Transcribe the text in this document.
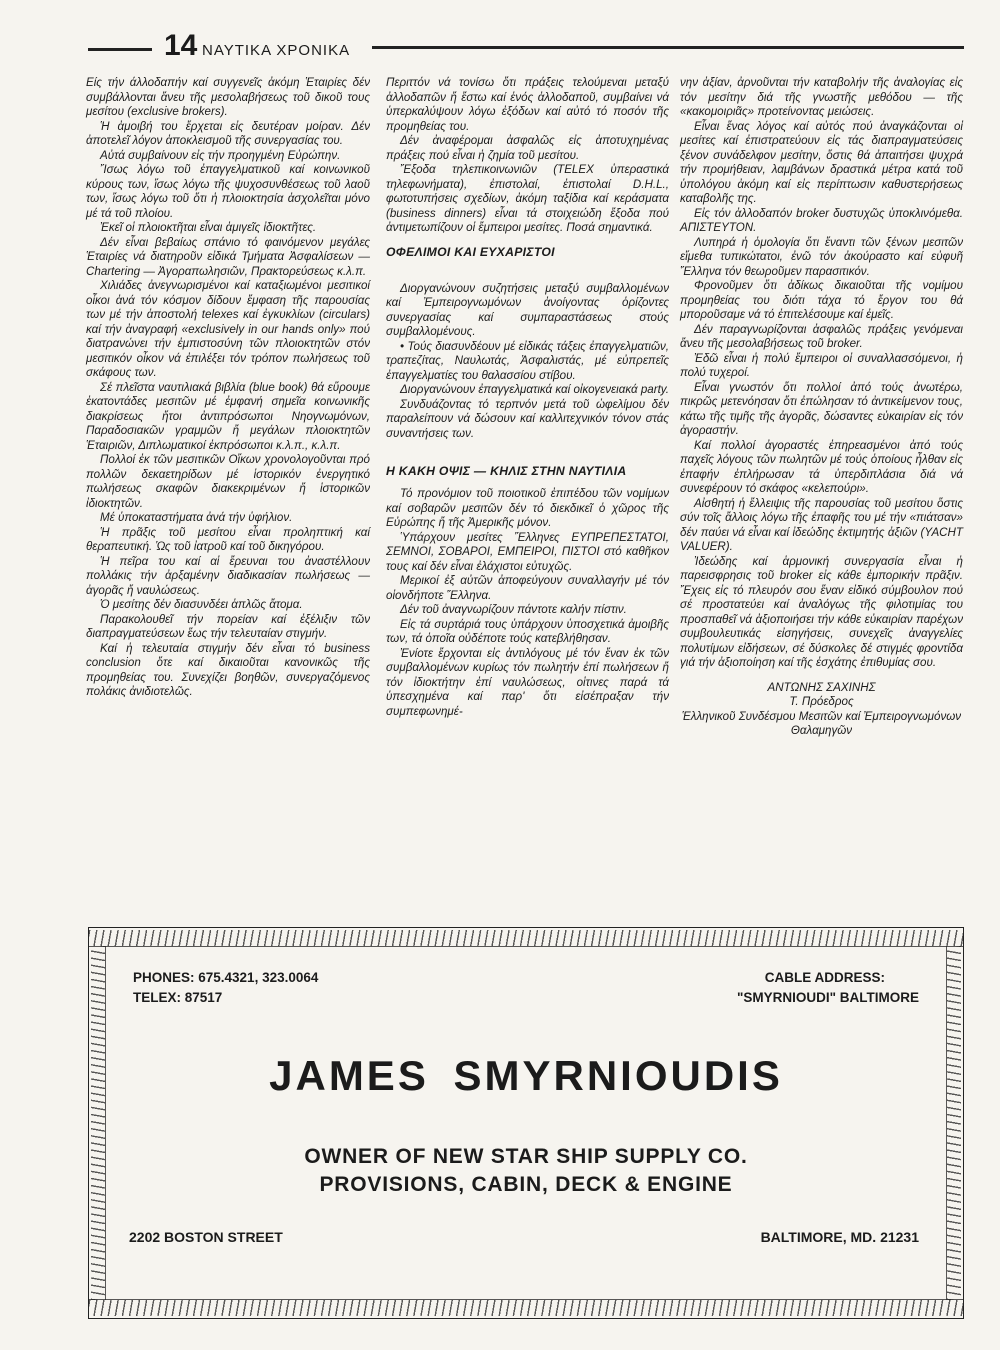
14 ΝΑΥΤΙΚΑ ΧΡΟΝΙΚΑ

Είς τήν άλλοδαπήν καί συγγενεῖς ἀκόμη Ἑταιρίες δέν συμβάλλονται ἄνευ τῆς μεσολαβήσεως τοῦ δικοῦ τους μεσίτου (exclusive brokers).

Ἡ ἀμοιβή του ἔρχεται εἰς δευτέραν μοίραν. Δέν ἀποτελεῖ λόγον ἀποκλεισμοῦ τῆς συνεργασίας του.

Αὐτά συμβαίνουν εἰς τήν προηγμένη Εὐρώπην.

Ἴσως λόγω τοῦ ἐπαγγελματικοῦ καί κοινωνικοῦ κύρους των, ἴσως λόγω τῆς ψυχοσυνθέσεως τοῦ λαοῦ των, ἴσως λόγω τοῦ ὅτι ἡ πλοιοκτησία ἀσχολεῖται μόνο μέ τά τοῦ πλοίου.

Ἐκεῖ οἱ πλοιοκτῆται εἶναι ἀμιγεῖς ἰδιοκτῆτες.

Δέν εἶναι βεβαίως σπάνιο τό φαινόμενον μεγάλες Ἑταιρίες νά διατηροῦν εἰδικά Τμήματα Ἀσφαλίσεων — Chartering — Ἀγοραπωλησιῶν, Πρακτορεύσεως κ.λ.π.

Χιλιάδες ἀνεγνωρισμένοι καί καταξιωμένοι μεσιτικοί οἶκοι ἀνά τόν κόσμον δίδουν ἔμφαση τῆς παρουσίας των μέ τήν ἀποστολή telexes καί ἐγκυκλίων (circulars) καί τήν ἀναγραφή «exclusively in our hands only» πού διατρανώνει τήν ἐμπιστοσύνη τῶν πλοιοκτητῶν στόν μεσιτικόν οἶκον νά ἐπιλέξει τόν τρόπον πωλήσεως τοῦ σκάφους των.

Σέ πλεῖστα ναυτιλιακά βιβλία (blue book) θά εὕρουμε ἑκατοντάδες μεσιτῶν μέ ἐμφανή σημεῖα κοινωνικῆς διακρίσεως ἤτοι ἀντιπρόσωποι Νηογνωμόνων, Παραδοσιακῶν γραμμῶν ἤ μεγάλων πλοιοκτητῶν Ἑταιριῶν, Διπλωματικοί ἐκπρόσωποι κ.λ.π., κ.λ.π.

Πολλοί ἐκ τῶν μεσιτικῶν Οἴκων χρονολογοῦνται πρό πολλῶν δεκαετηρίδων μέ ἱστορικόν ἐνεργητικό πωλήσεως σκαφῶν διακεκριμένων ἤ ἱστορικῶν ἰδιοκτητῶν.

Μέ ὑποκαταστήματα ἀνά τήν ὑφήλιον.

Ἡ πρᾶξις τοῦ μεσίτου εἶναι προληπτική καί θεραπευτική. Ὡς τοῦ ἰατροῦ καί τοῦ δικηγόρου.

Ἡ πεῖρα του καί αἱ ἔρευναι του ἀναστέλλουν πολλάκις τήν ἀρξαμένην διαδικασίαν πωλήσεως — ἀγορᾶς ἤ ναυλώσεως.

Ὁ μεσίτης δέν διασυνδέει ἁπλῶς ἄτομα.

Παρακολουθεῖ τήν πορείαν καί ἐξέλιξιν τῶν διαπραγματεύσεων ἕως τήν τελευταίαν στιγμήν.

Καί ἡ τελευταία στιγμήν δέν εἶναι τό business conclusion ὅτε καί δικαιοῦται κανονικῶς τῆς προμηθείας του. Συνεχίζει βοηθῶν, συνεργαζόμενος πολάκις ἀνιδιοτελῶς.

Περιττόν νά τονίσω ὅτι πράξεις τελούμεναι μεταξύ ἀλλοδαπῶν ἤ ἔστω καί ἑνός ἀλλοδαποῦ, συμβαίνει νά ὑπερκαλύψουν λόγω ἐξόδων καί αὐτό τό ποσόν τῆς προμηθείας του.

Δέν ἀναφέρομαι ἀσφαλῶς εἰς ἀποτυχημένας πράξεις πού εἶναι ἡ ζημία τοῦ μεσίτου.

Ἔξοδα τηλεπικοινωνιῶν (TELEX ὑπεραστικά τηλεφωνήματα), ἐπιστολαί, ἐπιστολαί D.H.L., φωτοτυπήσεις σχεδίων, ἀκόμη ταξίδια καί κεράσματα (business dinners) εἶναι τά στοιχειώδη ἔξοδα πού ἀντιμετωπίζουν οἱ ἔμπειροι μεσίτες. Ποσά σημαντικά.

ΟΦΕΛΙΜΟΙ ΚΑΙ ΕΥΧΑΡΙΣΤΟΙ

Διοργανώνουν συζητήσεις μεταξύ συμβαλλομένων καί Ἐμπειρογνωμόνων ἀνοίγοντας ὁρίζοντες συνεργασίας καί συμπαραστάσεως στούς συμβαλλομένους.

• Τούς διασυνδέουν μέ εἰδικάς τάξεις ἐπαγγελματιῶν, τραπεζίτας, Ναυλωτάς, Ἀσφαλιστάς, μέ εὐπρεπεῖς ἐπαγγελματίες του θαλασσίου στίβου.

Διοργανώνουν ἐπαγγελματικά καί οἰκογενειακά party.

Συνδυάζοντας τό τερπνόν μετά τοῦ ὠφελίμου δέν παραλείπουν νά δώσουν καί καλλιτεχνικόν τόνον στάς συναντήσεις των.

Η ΚΑΚΗ ΟΨΙΣ — ΚΗΛΙΣ ΣΤΗΝ ΝΑΥΤΙΛΙΑ

Τό προνόμιον τοῦ ποιοτικοῦ ἐπιπέδου τῶν νομίμων καί σοβαρῶν μεσιτῶν δέν τό διεκδικεῖ ὁ χῶρος τῆς Εὐρώπης ἤ τῆς Ἀμερικῆς μόνον.

Ὑπάρχουν μεσίτες Ἕλληνες ΕΥΠΡΕΠΕΣΤΑΤΟΙ, ΣΕΜΝΟΙ, ΣΟΒΑΡΟΙ, ΕΜΠΕΙΡΟΙ, ΠΙΣΤΟΙ στό καθῆκον τους καί δέν εἶναι ἐλάχιστοι εὐτυχῶς.

Μερικοί ἐξ αὐτῶν ἀποφεύγουν συναλλαγήν μέ τόν οἱονδήποτε Ἕλληνα.

Δέν τοῦ ἀναγνωρίζουν πάντοτε καλήν πίστιν.

Εἰς τά συρτάριά τους ὑπάρχουν ὑποσχετικά ἀμοιβῆς των, τά ὁποῖα οὐδέποτε τούς κατεβλήθησαν.

Ἐνίοτε ἔρχονται εἰς ἀντιλόγους μέ τόν ἕναν ἐκ τῶν συμβαλλομένων κυρίως τόν πωλητήν ἐπί πωλήσεων ἤ τόν ἰδιοκτήτην ἐπί ναυλώσεως, οἱτινες παρά τά ὑπεσχημένα καί παρ' ὅτι εἰσέπραξαν τήν συμπεφωνημέ-

νην ἀξίαν, ἀρνοῦνται τήν καταβολήν τῆς ἀναλογίας εἰς τόν μεσίτην διά τῆς γνωστῆς μεθόδου — τῆς «κακομοιριᾶς» προτείνοντας μειώσεις.

Εἶναι ἕνας λόγος καί αὐτός πού ἀναγκάζονται οἱ μεσίτες καί ἐπιστρατεύουν εἰς τάς διαπραγματεύσεις ξένον συνάδελφον μεσίτην, ὅστις θά ἀπαιτήσει ψυχρά τήν προμήθειαν, λαμβάνων δραστικά μέτρα κατά τοῦ ὑπολόγου ἀκόμη καί εἰς περίπτωσιν καθυστερήσεως καταβολῆς της.

Εἰς τόν ἀλλοδαπόν broker δυστυχῶς ὑποκλινόμεθα. ΑΠΙΣΤΕΥΤΟΝ.

Λυπηρά ἡ ὁμολογία ὅτι ἔναντι τῶν ξένων μεσιτῶν εἴμεθα τυπικώτατοι, ἐνῶ τόν ἀκούραστο καί εὐφυῆ Ἕλληνα τόν θεωροῦμεν παρασιτικόν.

Φρονοῦμεν ὅτι ἀδίκως δικαιοῦται τῆς νομίμου προμηθείας του διότι τάχα τό ἔργον του θά μποροῦσαμε νά τό ἐπιτελέσουμε καί ἐμεῖς.

Δέν παραγνωρίζονται ἀσφαλῶς πράξεις γενόμεναι ἄνευ τῆς μεσολαβήσεως τοῦ broker.

Ἐδῶ εἶναι ἡ πολύ ἔμπειροι οἱ συναλλασσόμενοι, ἡ πολύ τυχεροί.

Εἶναι γνωστόν ὅτι πολλοί ἀπό τούς ἀνωτέρω, πικρῶς μετενόησαν ὅτι ἐπώλησαν τό ἀντικείμενον τους, κάτω τῆς τιμῆς τῆς ἀγορᾶς, δώσαντες εὐκαιρίαν εἰς τόν ἀγοραστήν.

Καί πολλοί ἀγοραστές ἐπηρεασμένοι ἀπό τούς παχεῖς λόγους τῶν πωλητῶν μέ τούς ὁποίους ἦλθαν εἰς ἐπαφήν ἐπλήρωσαν τά ὑπερδιπλάσια διά νά συνεφέρουν τό σκάφος «κελεπούρι».

Αἰσθητή ἡ ἔλλειψις τῆς παρουσίας τοῦ μεσίτου ὅστις σύν τοῖς ἄλλοις λόγω τῆς ἐπαφῆς του μέ τήν «πιάτσαν» δέν παύει νά εἶναι καί ἰδεώδης ἐκτιμητής ἀξιῶν (YACHT VALUER).

Ἰδεώδης καί ἁρμονική συνεργασία εἶναι ἡ παρεισφρησις τοῦ broker εἰς κάθε ἐμπορικήν πρᾶξιν. Ἔχεις εἰς τό πλευρόν σου ἕναν εἰδικό σύμβουλον πού σέ προστατεύει καί ἀναλόγως τῆς φιλοτιμίας του προσπαθεῖ νά ἀξιοποιήσει τήν κάθε εὐκαιρίαν παρέχων συμβουλευτικάς εἰσηγήσεις, συνεχεῖς ἀναγγελίες πολυτίμων εἰδήσεων, σέ δύσκολες δέ στιγμές φροντίδα γιά τήν ἀξιοποίηση καί τῆς ἐσχάτης ἐπιθυμίας σου.

ΑΝΤΩΝΗΣ ΣΑΧΙΝΗΣ
Τ. Πρόεδρος
Ἑλληνικοῦ Συνδέσμου Μεσιτῶν καί Ἐμπειρογνωμόνων Θαλαμηγῶν
PHONES: 675.4321, 323.0064
TELEX: 87517
CABLE ADDRESS:
"SMYRNIOUDI" BALTIMORE
JAMES SMYRNIOUDIS
OWNER OF NEW STAR SHIP SUPPLY CO.
PROVISIONS, CABIN, DECK & ENGINE
2202 BOSTON STREET	BALTIMORE, MD. 21231
